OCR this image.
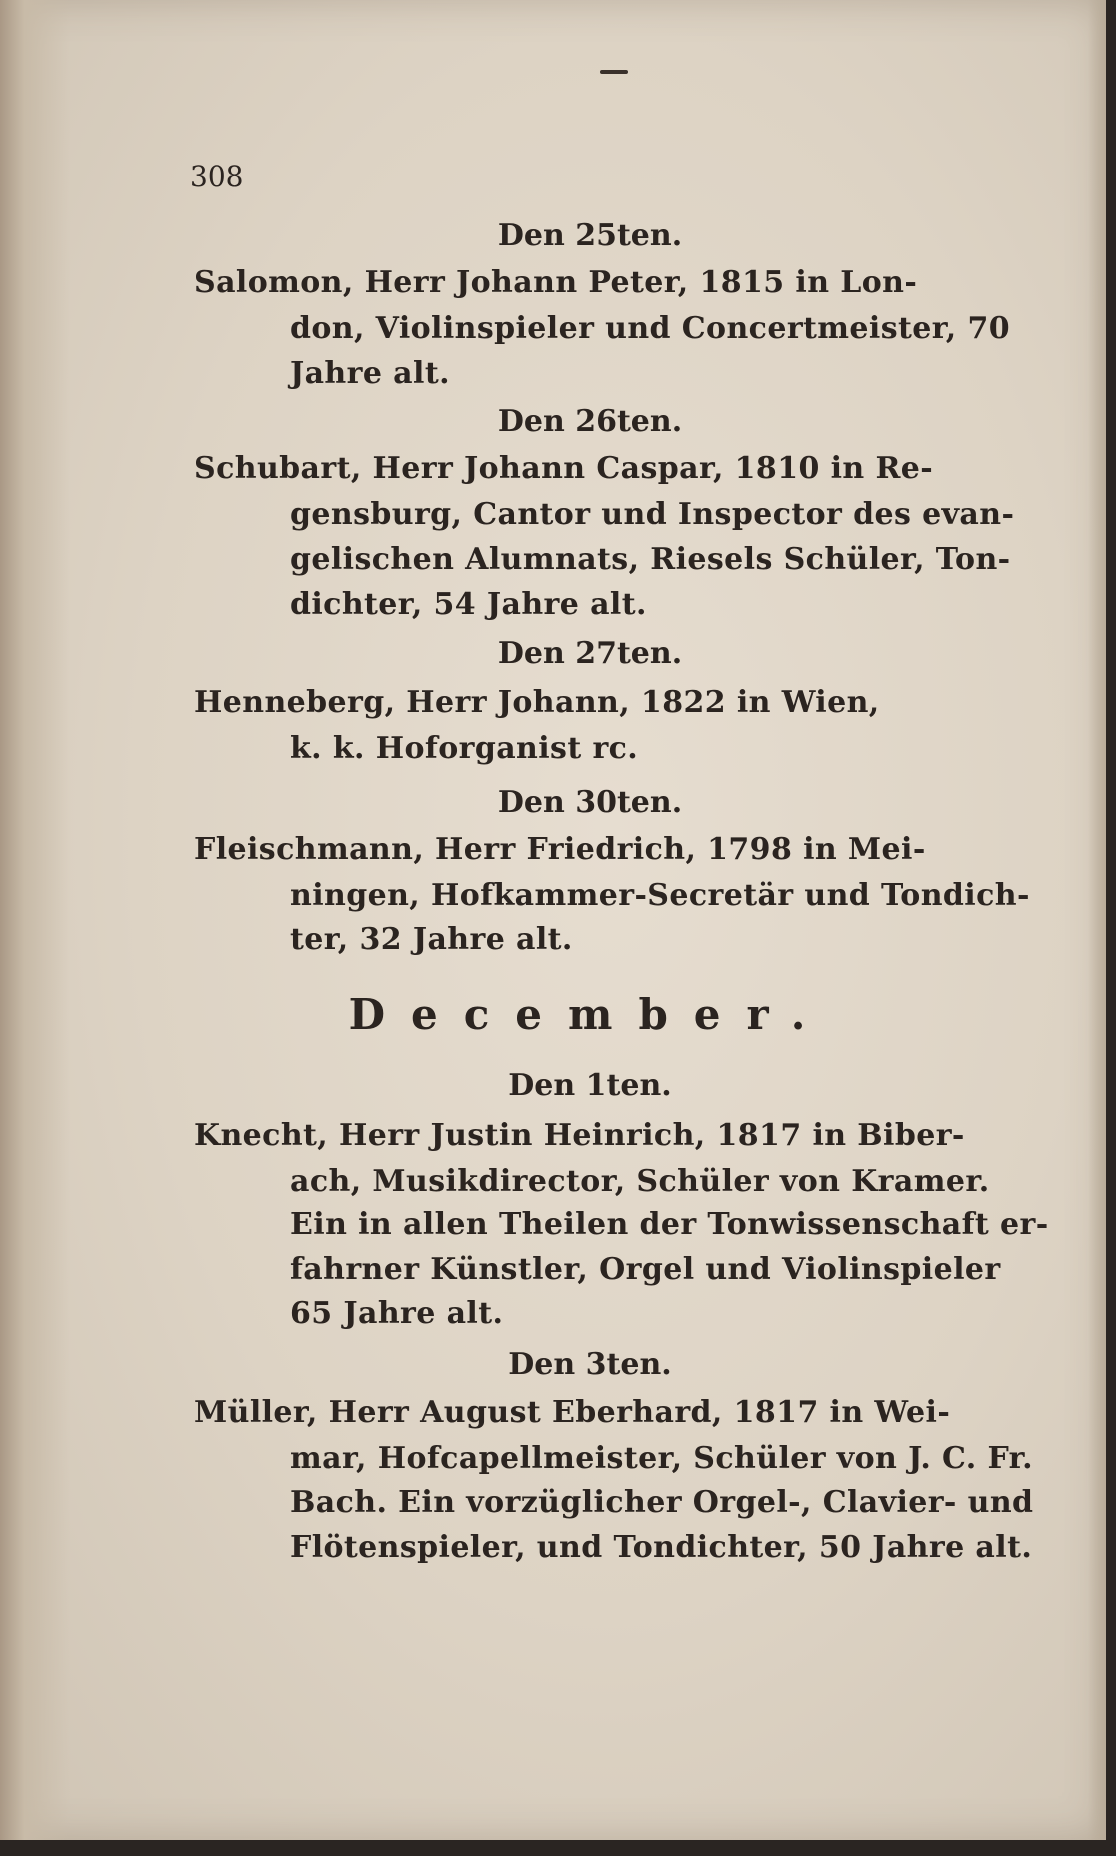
308
Den 25ten.
Salomon, Herr Johann Peter, 1815 in Lon-
don, Violinspieler und Concertmeister, 70
Jahre alt.
Den 26ten.
Schubart, Herr Johann Caspar, 1810 in Re-
gensburg, Cantor und Inspector des evan-
gelischen Alumnats, Riesels Schüler, Ton-
dichter, 54 Jahre alt.
Den 27ten.
Henneberg, Herr Johann, 1822 in Wien,
k. k. Hoforganist rc.
Den 30ten.
Fleischmann, Herr Friedrich, 1798 in Mei-
ningen, Hofkammer-Secretär und Tondich-
ter, 32 Jahre alt.
December.
Den 1ten.
Knecht, Herr Justin Heinrich, 1817 in Biber-
ach, Musikdirector, Schüler von Kramer.
Ein in allen Theilen der Tonwissenschaft er-
fahrner Künstler, Orgel und Violinspieler
65 Jahre alt.
Den 3ten.
Müller, Herr August Eberhard, 1817 in Wei-
mar, Hofcapellmeister, Schüler von J. C. Fr.
Bach. Ein vorzüglicher Orgel-, Clavier- und
Flötenspieler, und Tondichter, 50 Jahre alt.
